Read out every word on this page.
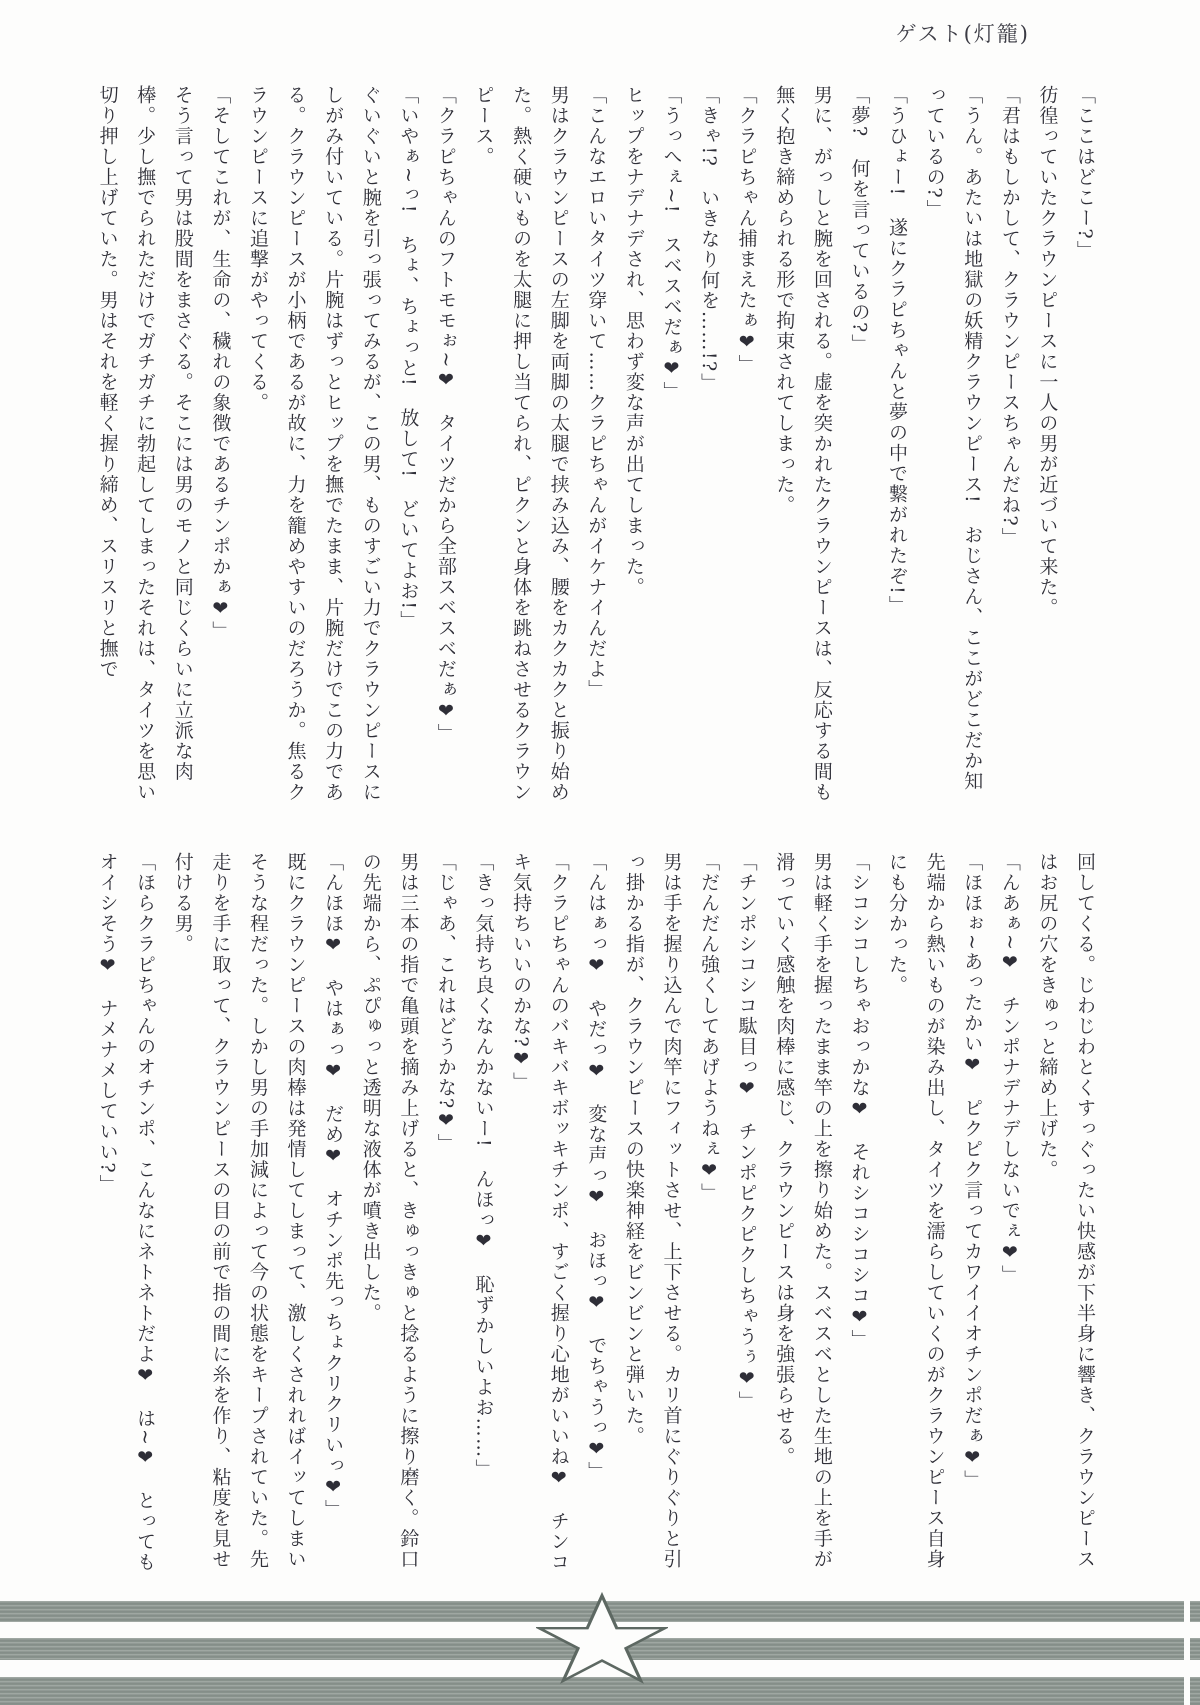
ゲスト(灯籠)

「ここはどこー?」

彷徨っていたクラウンピースに一人の男が近づいて来た。

「君はもしかして、クラウンピースちゃんだね?」

「うん。あたいは地獄の妖精クラウンピース!　おじさん、ここがどこだか知っているの?」

「うひょー!　遂にクラピちゃんと夢の中で繋がれたぞ!」

「夢?　何を言っているの?」

男に、がっしと腕を回される。虚を突かれたクラウンピースは、反応する間も無く抱き締められる形で拘束されてしまった。

「クラピちゃん捕まえたぁ❤」

「きゃ!?　いきなり何を……!?」

「うっへぇ~!　スベスベだぁ❤」

ヒップをナデナデされ、思わず変な声が出てしまった。

「こんなエロいタイツ穿いて……クラピちゃんがイケナイんだよ」

男はクラウンピースの左脚を両脚の太腿で挟み込み、腰をカクカクと振り始めた。熱く硬いものを太腿に押し当てられ、ピクンと身体を跳ねさせるクラウンピース。

「クラピちゃんのフトモモぉ~❤　タイツだから全部スベスベだぁ❤」

「いやぁ~っ!　ちょ、ちょっと!　放して!　どいてよお!」

ぐいぐいと腕を引っ張ってみるが、この男、ものすごい力でクラウンピースにしがみ付いている。片腕はずっとヒップを撫でたまま、片腕だけでこの力である。クラウンピースが小柄であるが故に、力を籠めやすいのだろうか。焦るクラウンピースに追撃がやってくる。

「そしてこれが、生命の、穢れの象徴であるチンポかぁ❤」

そう言って男は股間をまさぐる。そこには男のモノと同じくらいに立派な肉棒。少し撫でられただけでガチガチに勃起してしまったそれは、タイツを思い切り押し上げていた。男はそれを軽く握り締め、スリスリと撫で

回してくる。じわじわとくすっぐったい快感が下半身に響き、クラウンピースはお尻の穴をきゅっと締め上げた。

「んあぁ~❤　チンポナデナデしないでぇ❤」

「ほほぉ~あったかい❤　ピクピク言ってカワイイオチンポだぁ❤」

先端から熱いものが染み出し、タイツを濡らしていくのがクラウンピース自身にも分かった。

「シコシコしちゃおっかな❤　それシコシコシコ❤」

男は軽く手を握ったまま竿の上を擦り始めた。スベスベとした生地の上を手が滑っていく感触を肉棒に感じ、クラウンピースは身を強張らせる。

「チンポシコシコ駄目っ❤　チンポピクピクしちゃうぅ❤」

「だんだん強くしてあげようねぇ❤」

男は手を握り込んで肉竿にフィットさせ、上下させる。カリ首にぐりぐりと引っ掛かる指が、クラウンピースの快楽神経をビンビンと弾いた。

「んはぁっ❤　やだっ❤　変な声っ❤　おほっ❤　でちゃうっ❤」

「クラピちゃんのバキバキボッキチンポ、すごく握り心地がいいね❤　チンコキ気持ちいいのかな?❤」

「きっ気持ち良くなんかないー!　んほっ❤　恥ずかしいよお……」

「じゃあ、これはどうかな?❤」

男は三本の指で亀頭を摘み上げると、きゅっきゅと捻るように擦り磨く。鈴口の先端から、ぷぴゅっと透明な液体が噴き出した。

「んほほ❤　やはぁっ❤　だめ❤　オチンポ先っちょクリクリいっ❤」

既にクラウンピースの肉棒は発情してしまって、激しくされればイッてしまいそうな程だった。しかし男の手加減によって今の状態をキープされていた。先走りを手に取って、クラウンピースの目の前で指の間に糸を作り、粘度を見せ付ける男。

「ほらクラピちゃんのオチンポ、こんなにネトネトだよ❤　は~❤　とってもオイシそう❤　ナメナメしていい?」
